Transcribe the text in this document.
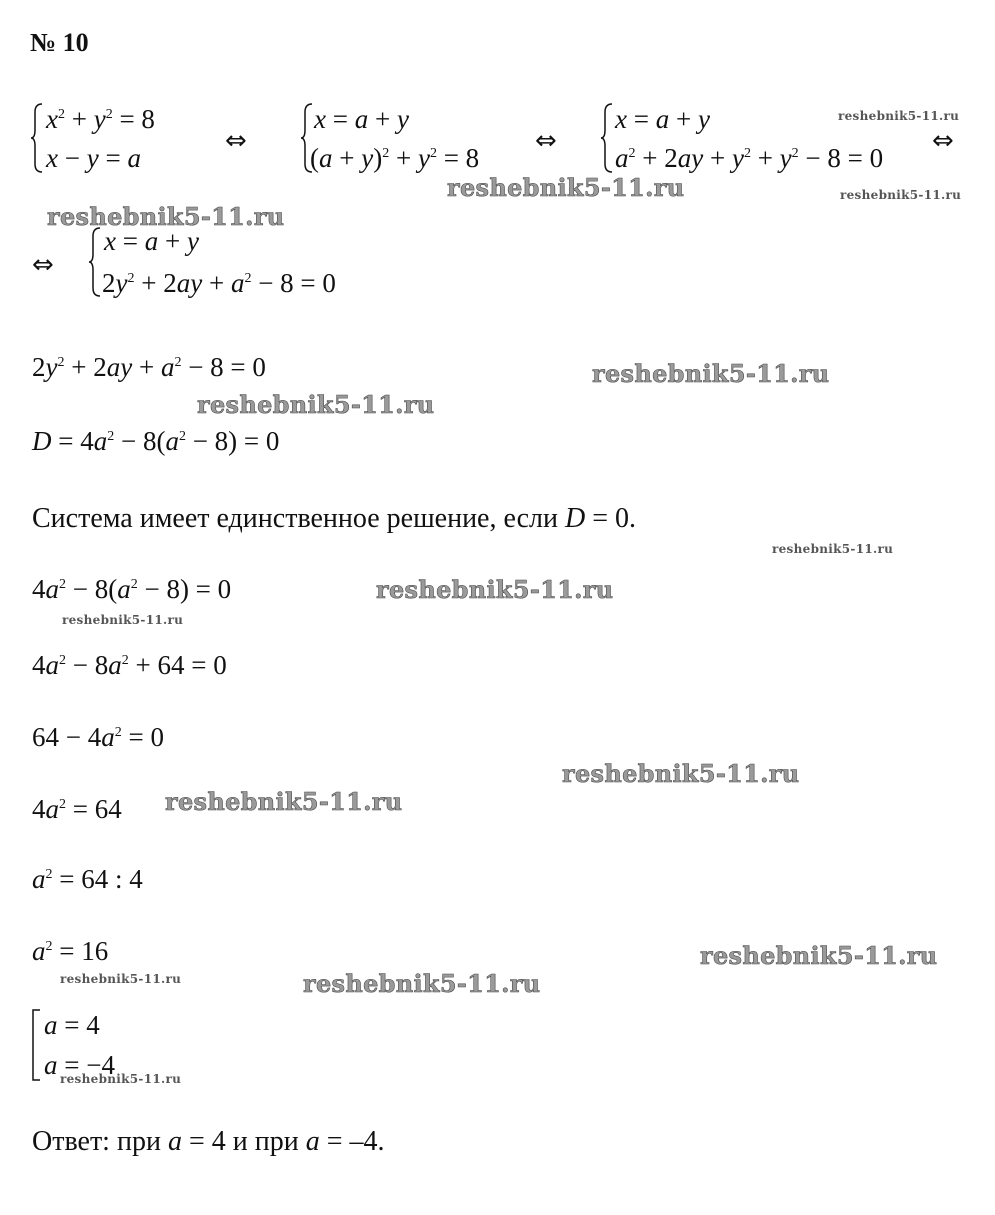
№ 10
$x^2 + y^2 = 8$
x − y = a
⇔
x = a + y
$(a + y)^2 + y^2 = 8$
⇔
x = a + y
$a^2 + 2ay + y^2 + y^2 - 8 = 0$
⇔
⇔
x = a + y
$2y^2 + 2ay + a^2 - 8 = 0$
$2y^2 + 2ay + a^2 - 8 = 0$
$D = 4a^2 - 8(a^2 - 8) = 0$
Система имеет единственное решение, если D = 0.
$4a^2 - 8(a^2 - 8) = 0$
$4a^2 - 8a^2 + 64 = 0$
$64 - 4a^2 = 0$
$4a^2 = 64$
$a^2 = 64$ : 4
$a^2 = 16$
a = 4
a = −4
Ответ: при a = 4 и при a = –4.
reshebnik5-11.ru
reshebnik5-11.ru
reshebnik5-11.ru
reshebnik5-11.ru
reshebnik5-11.ru
reshebnik5-11.ru
reshebnik5-11.ru
reshebnik5-11.ru
reshebnik5-11.ru
reshebnik5-11.ru
reshebnik5-11.ru
reshebnik5-11.ru
reshebnik5-11.ru	reshebnik5-11.ru
reshebnik5-11.ru
